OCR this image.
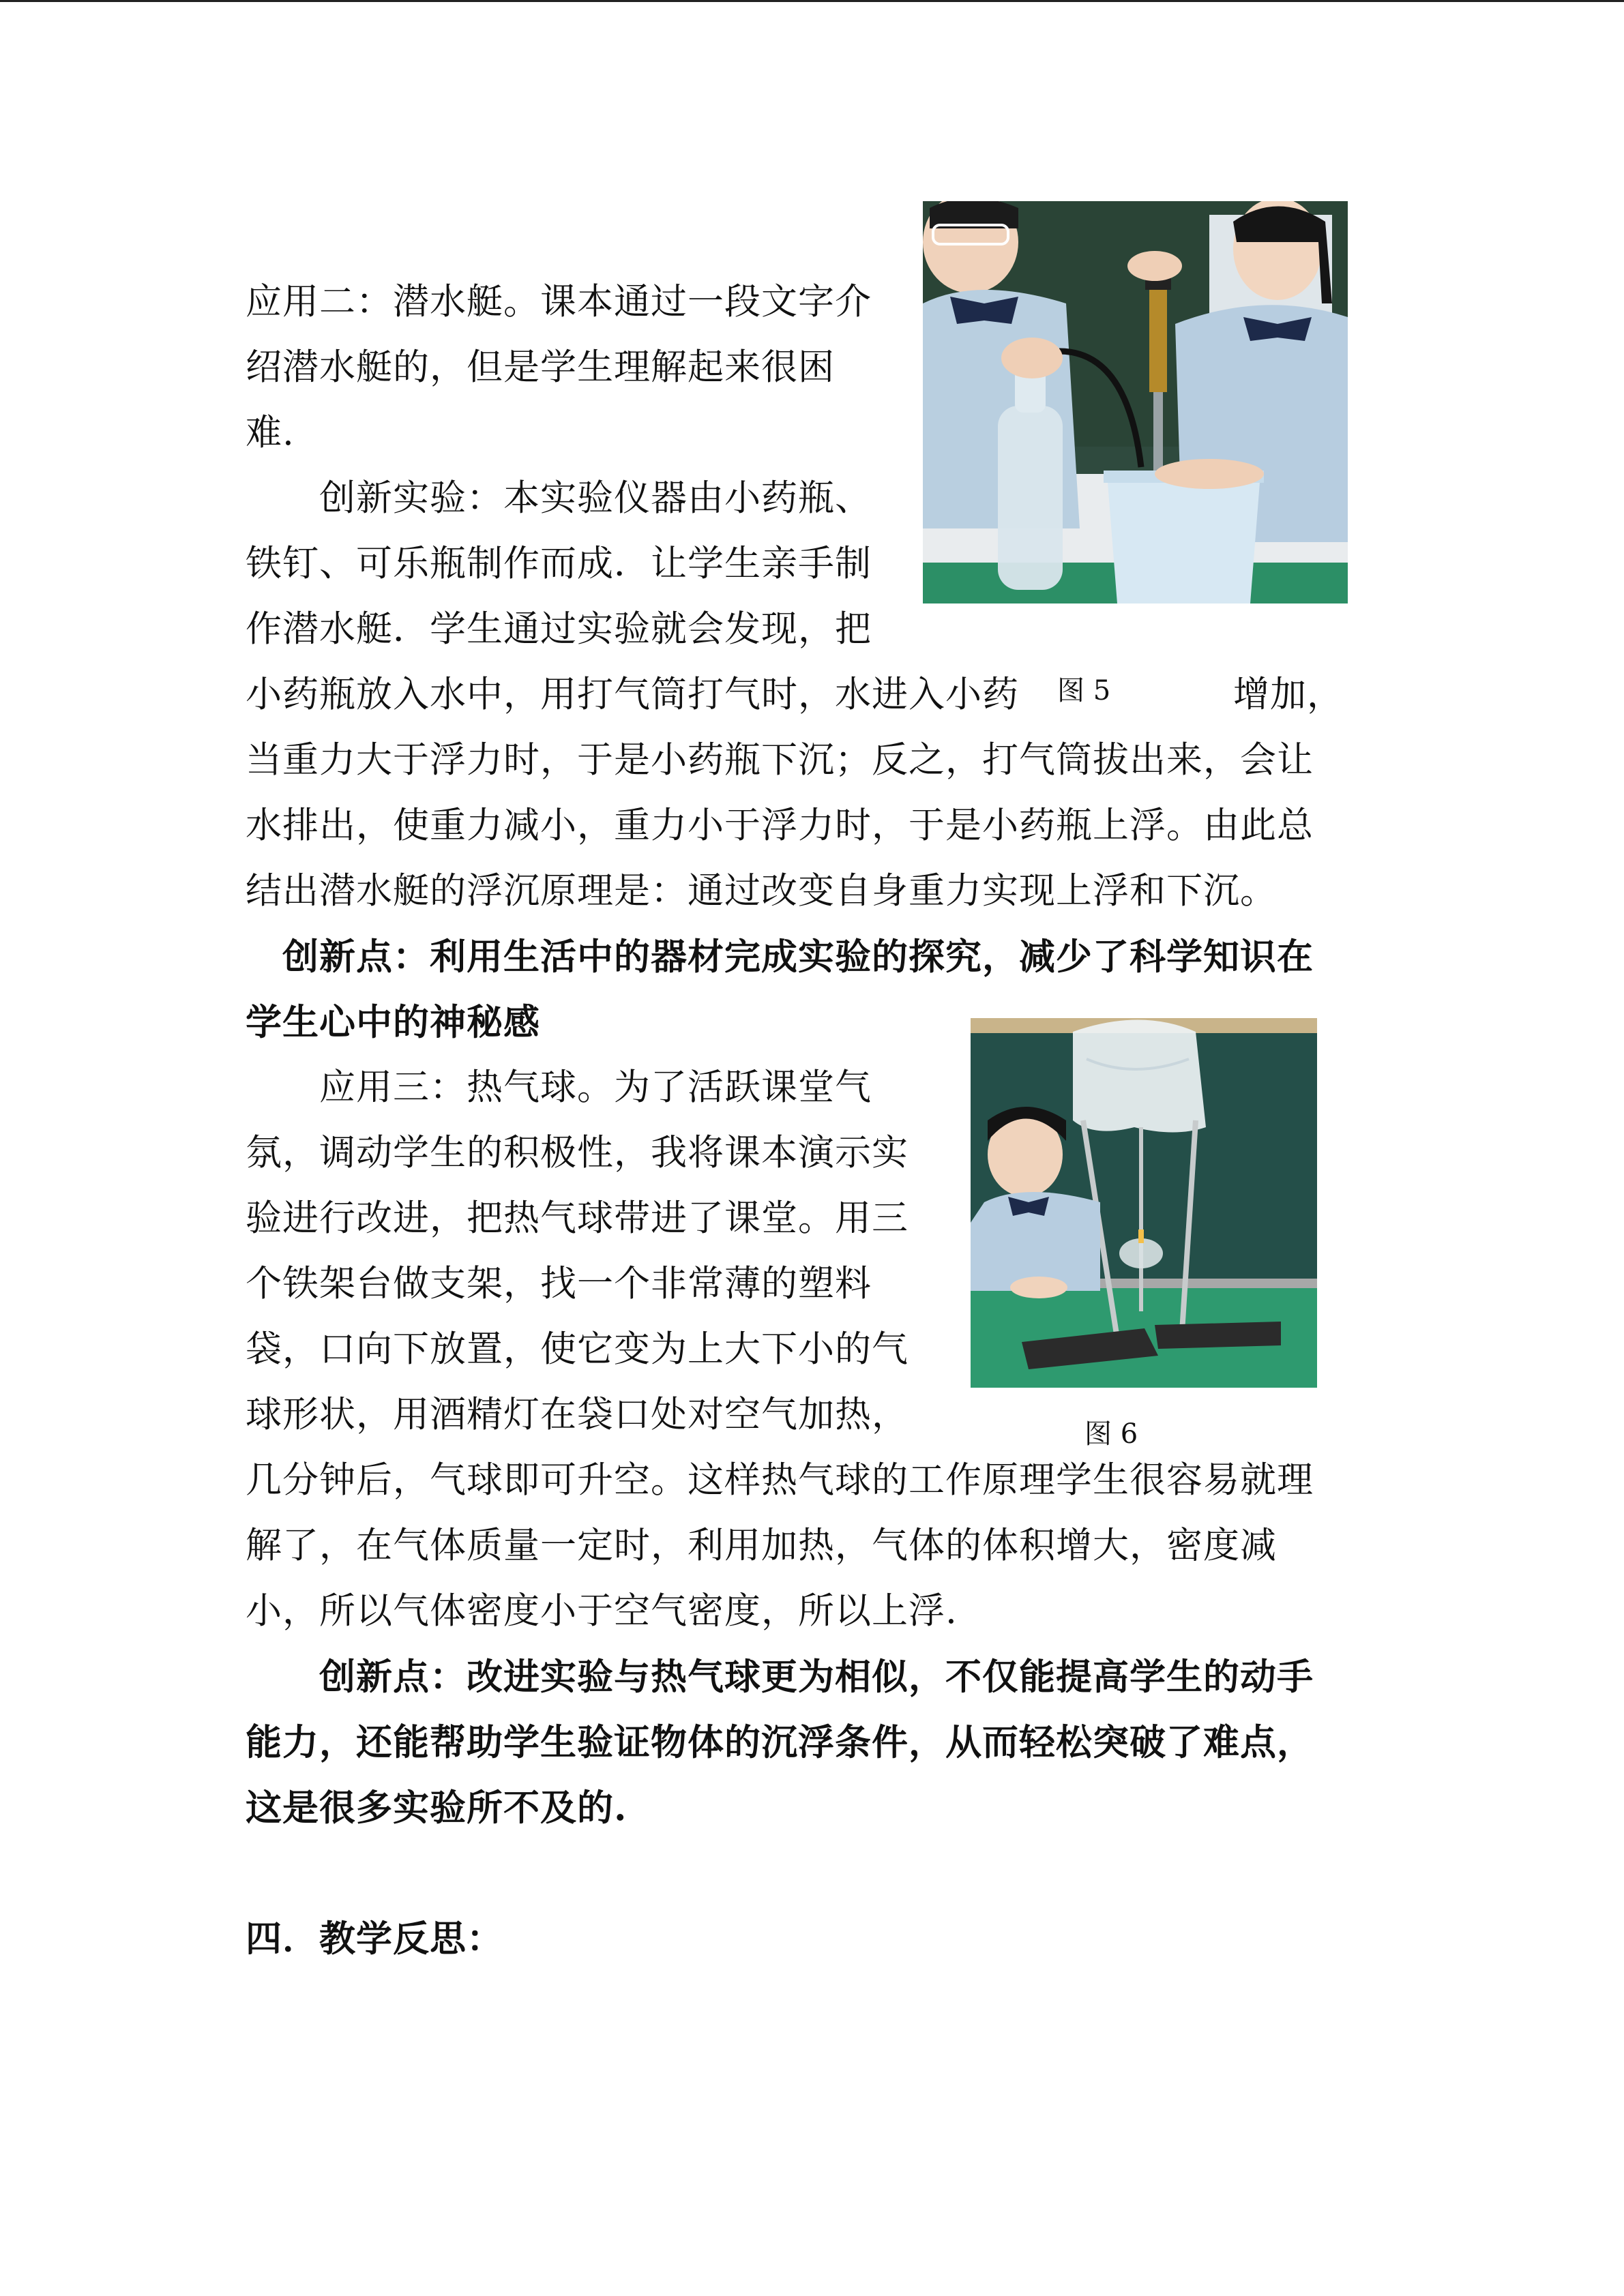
应用二：潜水艇。课本通过一段文字介
绍潜水艇的，但是学生理解起来很困
难.
　　创新实验：本实验仪器由小药瓶、
铁钉、可乐瓶制作而成．让学生亲手制
作潜水艇．学生通过实验就会发现，把
小药瓶放入水中，用打气筒打气时，水进入小药 图 5	增加，
当重力大于浮力时，于是小药瓶下沉；反之，打气筒拔出来，会让
水排出，使重力减小，重力小于浮力时，于是小药瓶上浮。由此总
结出潜水艇的浮沉原理是：通过改变自身重力实现上浮和下沉。
　创新点：利用生活中的器材完成实验的探究，减少了科学知识在
学生心中的神秘感
　　应用三：热气球。为了活跃课堂气
氛，调动学生的积极性，我将课本演示实
验进行改进，把热气球带进了课堂。用三
个铁架台做支架，找一个非常薄的塑料
袋，口向下放置，使它变为上大下小的气
球形状，用酒精灯在袋口处对空气加热，	图 6
几分钟后，气球即可升空。这样热气球的工作原理学生很容易就理
解了，在气体质量一定时，利用加热，气体的体积增大，密度减
小，所以气体密度小于空气密度，所以上浮.
　　创新点：改进实验与热气球更为相似，不仅能提高学生的动手
能力，还能帮助学生验证物体的沉浮条件，从而轻松突破了难点，
这是很多实验所不及的.
四．教学反思：
